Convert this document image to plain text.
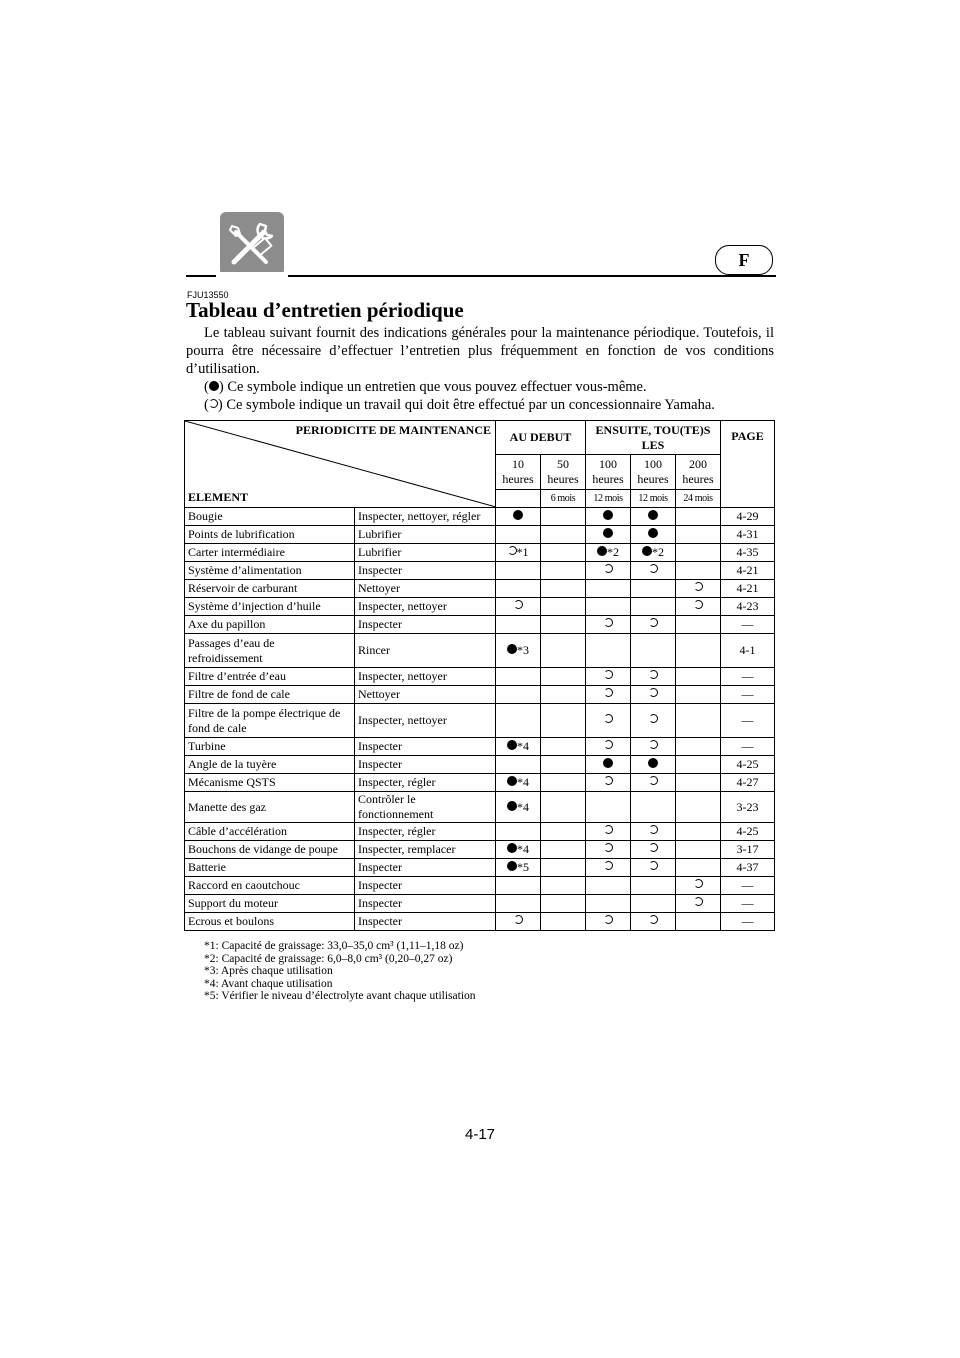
F
FJU13550
Tableau d’entretien périodique

Le tableau suivant fournit des indications générales pour la maintenance périodique. Toutefois, il pourra être nécessaire d’effectuer l’entretien plus fréquemment en fonction de vos conditions d’utilisation.

( ) Ce symbole indique un entretien que vous pouvez effectuer vous-même.

( ) Ce symbole indique un travail qui doit être effectué par un concessionnaire Yamaha.

PERIODICITE DE MAINTENANCE
ELEMENT		AU DEBUT		ENSUITE, TOU(TE)S LES			PAGE
		10 heures	50 heures	100 heures	100 heures	200 heures	
			6 mois	12 mois	12 mois	24 mois	
Bougie	Inspecter, nettoyer, régler						4-29
Points de lubrification	Lubrifier						4-31
Carter intermédiaire	Lubrifier	*1		*2	*2		4-35
Système d’alimentation	Inspecter						4-21
Réservoir de carburant	Nettoyer						4-21
Système d’injection d’huile	Inspecter, nettoyer						4-23
Axe du papillon	Inspecter						—
Passages d’eau de refroidissement	Rincer	*3					4-1
Filtre d’entrée d’eau	Inspecter, nettoyer						—
Filtre de fond de cale	Nettoyer						—
Filtre de la pompe électrique de fond de cale	Inspecter, nettoyer						—
Turbine	Inspecter	*4					—
Angle de la tuyère	Inspecter						4-25
Mécanisme QSTS	Inspecter, régler	*4					4-27
Manette des gaz	Contrôler le fonctionnement	*4					3-23
Câble d’accélération	Inspecter, régler						4-25
Bouchons de vidange de poupe	Inspecter, remplacer	*4					3-17
Batterie	Inspecter	*5					4-37
Raccord en caoutchouc	Inspecter						—
Support du moteur	Inspecter						—
Ecrous et boulons	Inspecter						—
*1: Capacité de graissage: 33,0–35,0 cm³ (1,11–1,18 oz)
*2: Capacité de graissage: 6,0–8,0 cm³ (0,20–0,27 oz)
*3: Après chaque utilisation
*4: Avant chaque utilisation
*5: Vérifier le niveau d’électrolyte avant chaque utilisation
4-17
